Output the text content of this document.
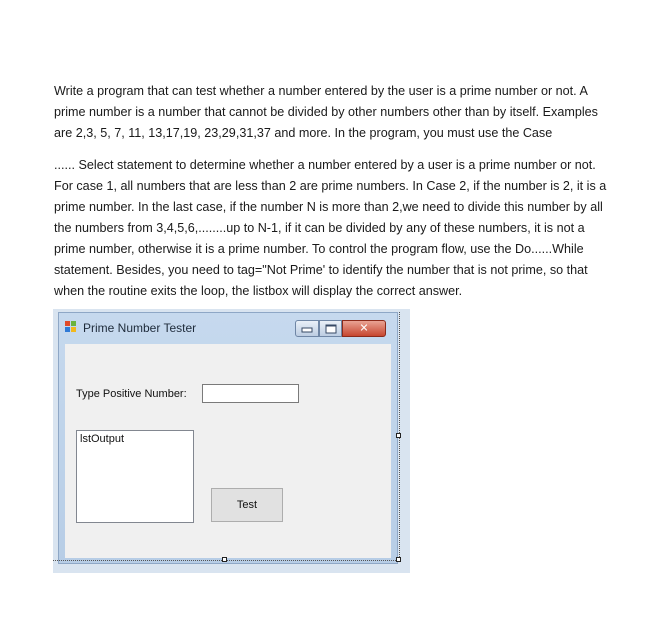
Write a program that can test whether a number entered by the user is a prime number or not. A
prime number is a number that cannot be divided by other numbers other than by itself. Examples
are 2,3, 5, 7, 11, 13,17,19, 23,29,31,37 and more. In the program, you must use the Case
...... Select statement to determine whether a number entered by a user is a prime number or not.
For case 1, all numbers that are less than 2 are prime numbers. In Case 2, if the number is 2, it is a
prime number. In the last case, if the number N is more than 2,we need to divide this number by all
the numbers from 3,4,5,6,........up to N-1, if it can be divided by any of these numbers, it is not a
prime number, otherwise it is a prime number. To control the program flow, use the Do......While
statement. Besides, you need to tag="Not Prime' to identify the number that is not prime, so that
when the routine exits the loop, the listbox will display the correct answer.
Prime Number Tester	✕
Type Positive Number:
lstOutput
Test
